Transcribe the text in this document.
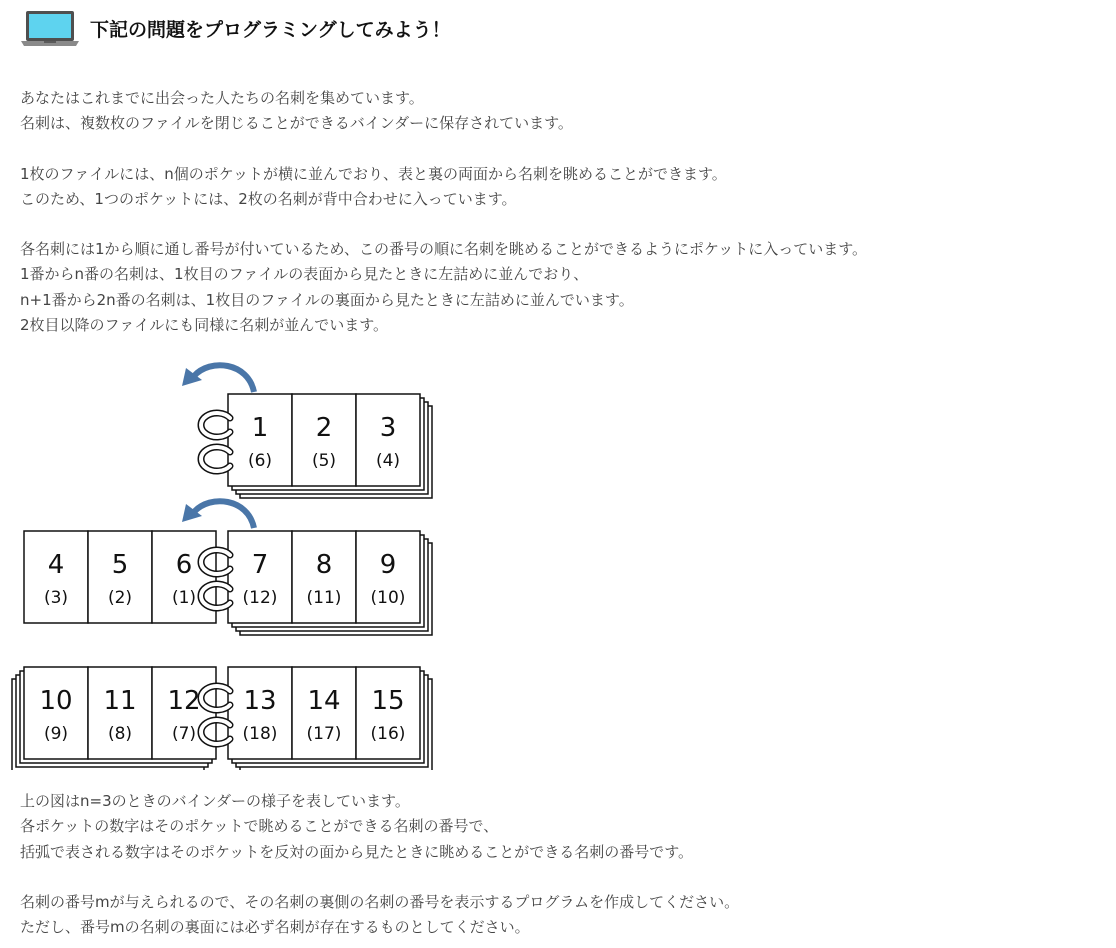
下記の問題をプログラミングしてみよう！
あなたはこれまでに出会った人たちの名刺を集めています。
名刺は、複数枚のファイルを閉じることができるバインダーに保存されています。
1枚のファイルには、n個のポケットが横に並んでおり、表と裏の両面から名刺を眺めることができます。
このため、1つのポケットには、2枚の名刺が背中合わせに入っています。
各名刺には1から順に通し番号が付いているため、この番号の順に名刺を眺めることができるようにポケットに入っています。
1番からn番の名刺は、1枚目のファイルの表面から見たときに左詰めに並んでおり、
n+1番から2n番の名刺は、1枚目のファイルの裏面から見たときに左詰めに並んでいます。
2枚目以降のファイルにも同様に名刺が並んでいます。
1
(6)
2
(5)
3
(4)
4
(3)
5
(2)
6
(1)
7
(12)
8
(11)
9
(10)
10
(9)
11
(8)
12
(7)
13
(18)
14
(17)
15
(16)
上の図はn=3のときのバインダーの様子を表しています。
各ポケットの数字はそのポケットで眺めることができる名刺の番号で、
括弧で表される数字はそのポケットを反対の面から見たときに眺めることができる名刺の番号です。
名刺の番号mが与えられるので、その名刺の裏側の名刺の番号を表示するプログラムを作成してください。
ただし、番号mの名刺の裏面には必ず名刺が存在するものとしてください。
